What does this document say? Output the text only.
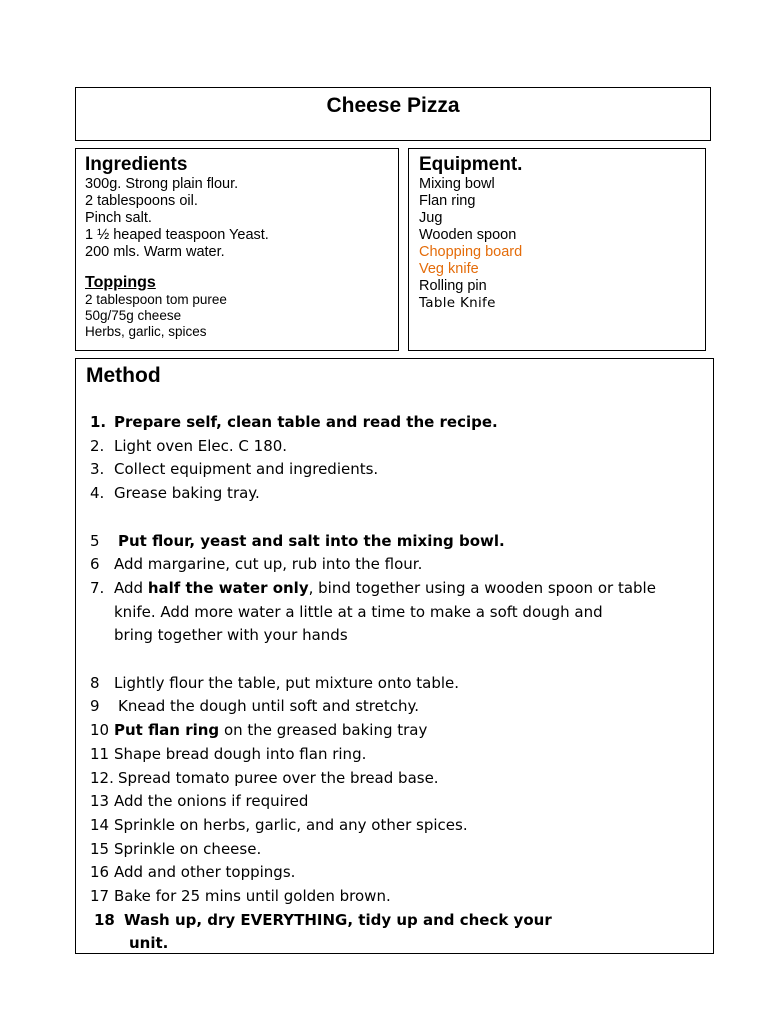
Cheese Pizza

Ingredients

300g. Strong plain flour.
2 tablespoons oil.
Pinch salt.
1 ½ heaped teaspoon Yeast.
200 mls. Warm water.

Toppings

2 tablespoon tom puree
50g/75g cheese
Herbs, garlic, spices

Equipment.

Mixing bowl
Flan ring
Jug
Wooden spoon
Chopping board
Veg knife
Rolling pin
Table Knife
Method
1. Prepare self, clean table and read the recipe.
2. Light oven Elec. C 180.
3. Collect equipment and ingredients.
4. Grease baking tray.
5 Put flour, yeast and salt into the mixing bowl.
6 Add margarine, cut up, rub into the flour.
7. Add half the water only, bind together using a wooden spoon or table
knife. Add more water a little at a time to make a soft dough and
bring together with your hands
8 Lightly flour the table, put mixture onto table.
9 Knead the dough until soft and stretchy.
10 Put flan ring on the greased baking tray
11 Shape bread dough into flan ring.
12. Spread tomato puree over the bread base.
13 Add the onions if required
14 Sprinkle on herbs, garlic, and any other spices.
15 Sprinkle on cheese.
16 Add and other toppings.
17 Bake for 25 mins until golden brown.
18 Wash up, dry EVERYTHING, tidy up and check your
unit.
